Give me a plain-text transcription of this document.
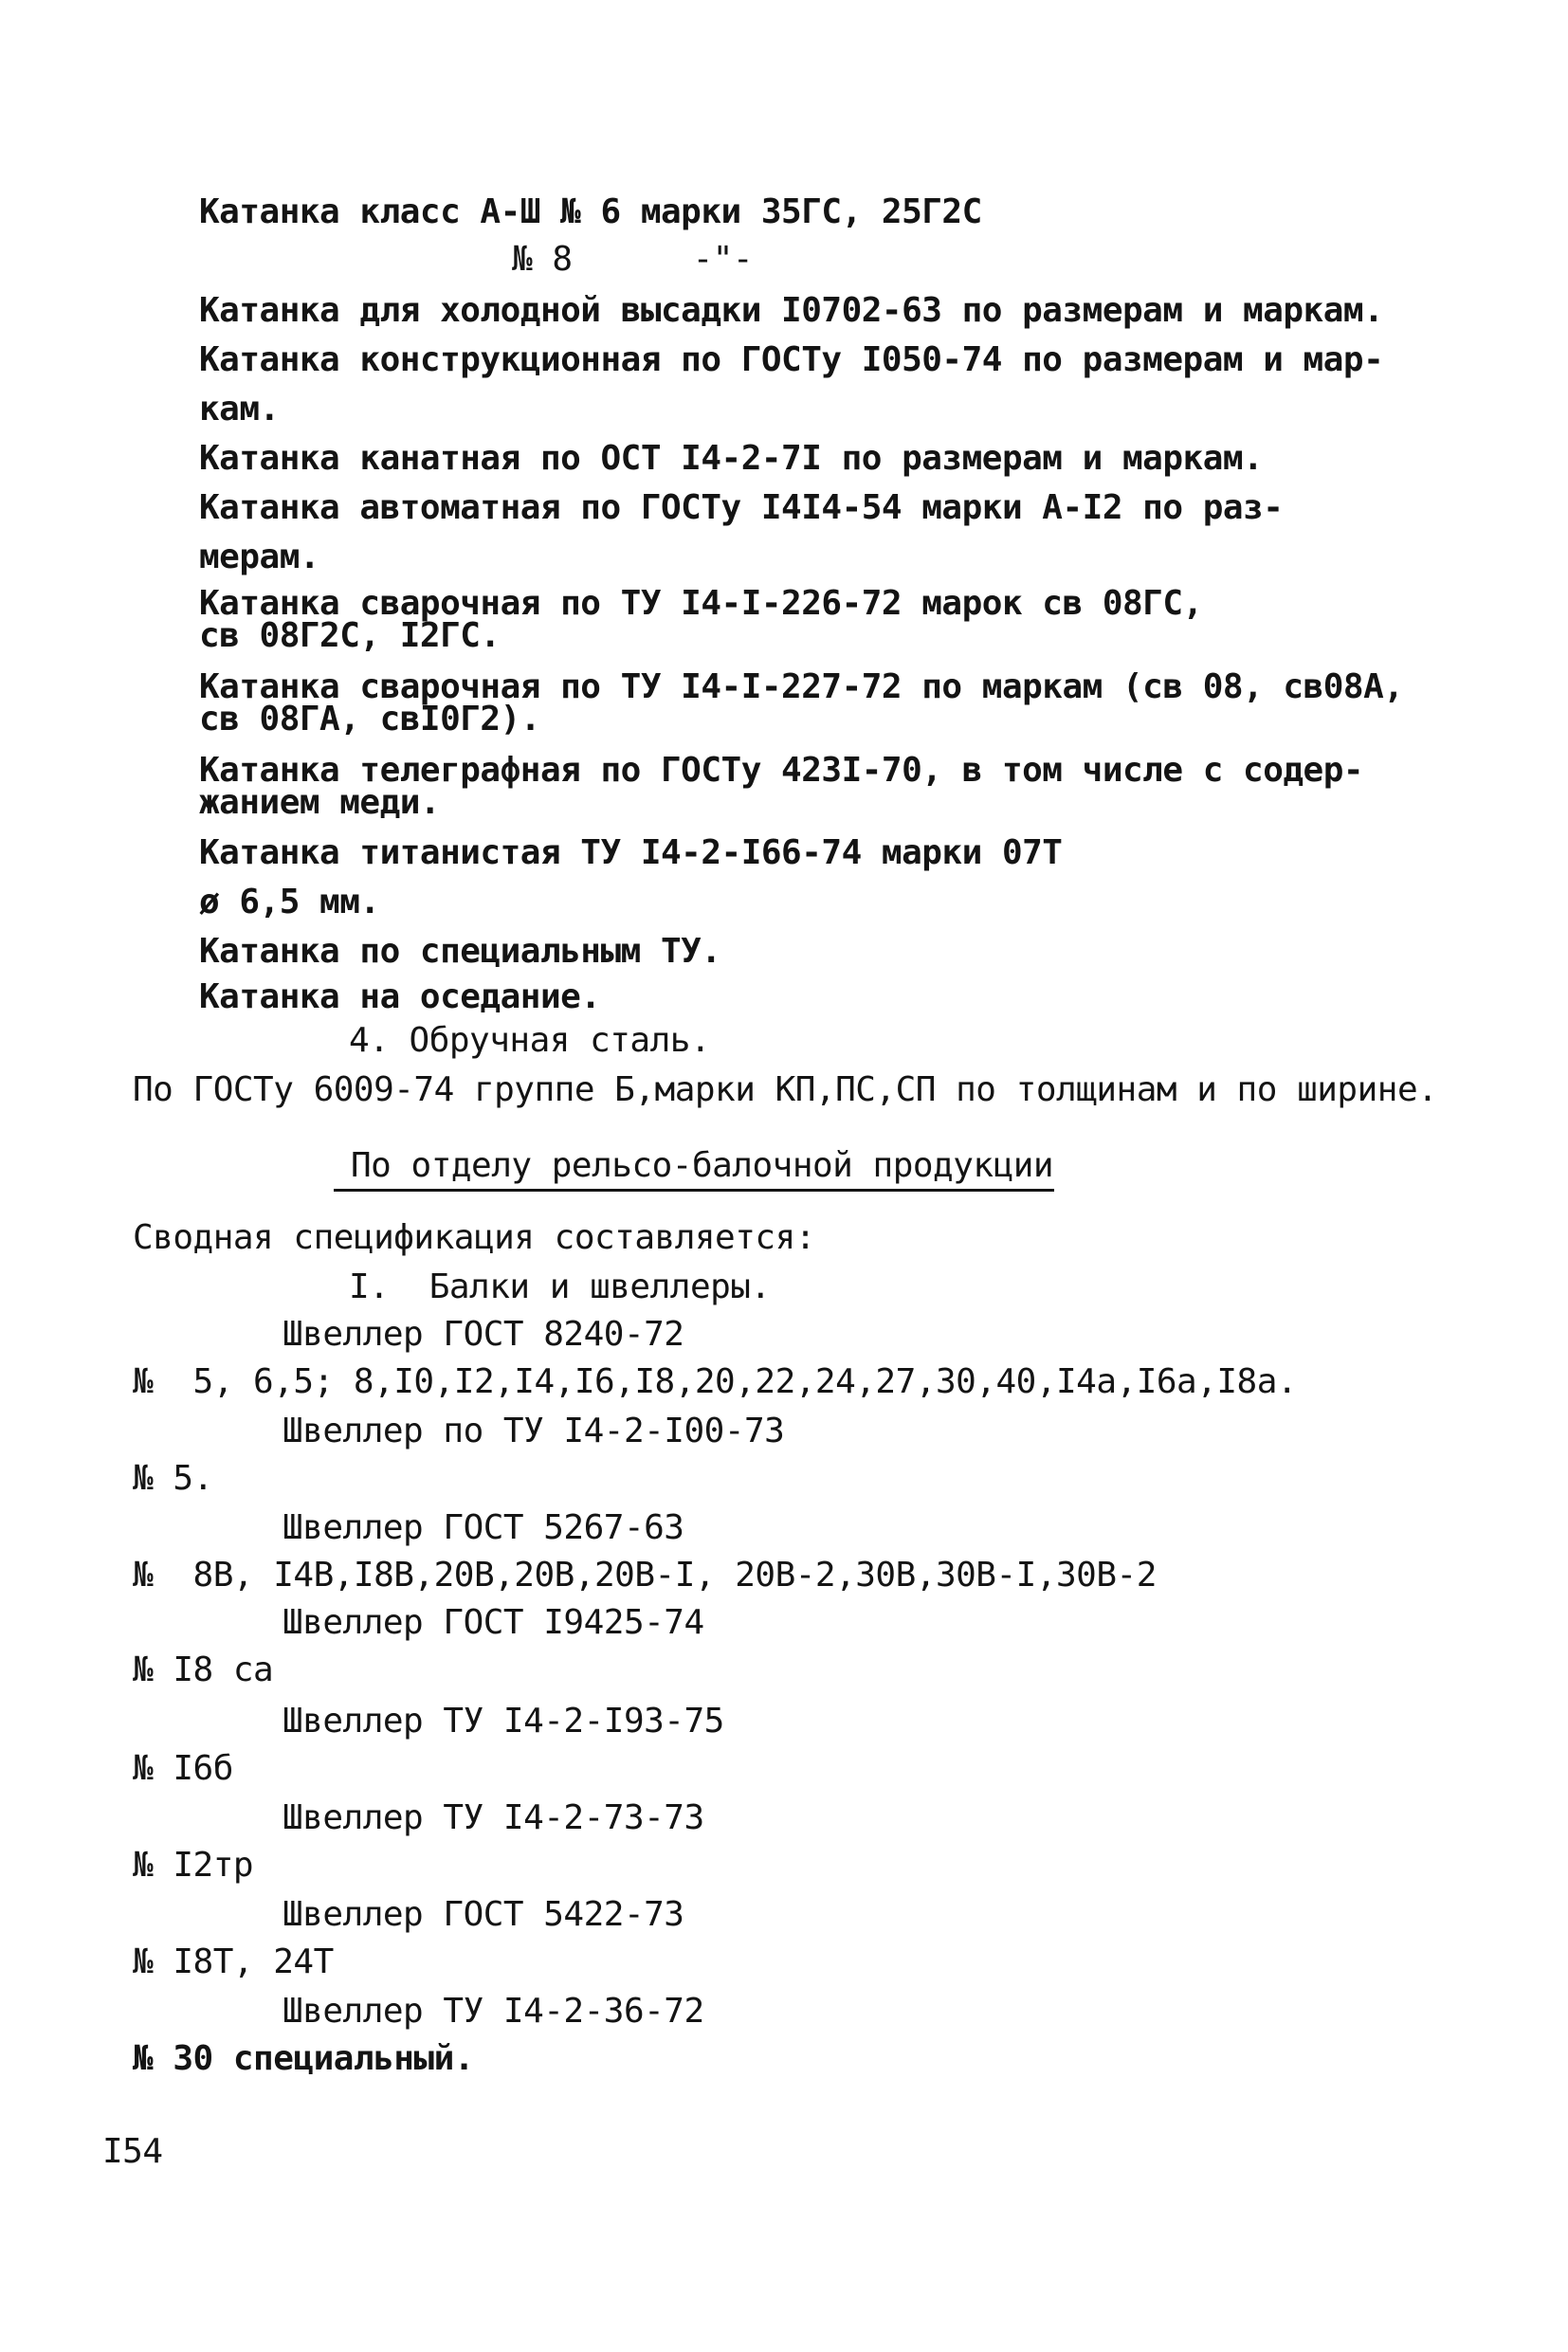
Катанка класс А-Ш № 6 марки 35ГС, 25Г2С
№ 8      -"-
Катанка для холодной высадки I0702-63 по размерам и маркам.
Катанка конструкционная по ГОСТу I050-74 по размерам и мар-
кам.
Катанка канатная по ОСТ I4-2-7I по размерам и маркам.
Катанка автоматная по ГОСТу I4I4-54 марки А-I2 по раз-
мерам.
Катанка сварочная по ТУ I4-I-226-72 марок св 08ГС,
св 08Г2С, I2ГС.
Катанка сварочная по ТУ I4-I-227-72 по маркам (св 08, св08А,
св 08ГА, свI0Г2).
Катанка телеграфная по ГОСТу 423I-70, в том числе с содер-
жанием меди.
Катанка титанистая ТУ I4-2-I66-74 марки 07Т
ø 6,5 мм.
Катанка по специальным ТУ.
Катанка на оседание.
4. Обручная сталь.
По ГОСТу 6009-74 группе Б,марки КП,ПС,СП по толщинам и по ширине.
По отделу рельсо-балочной продукции
Сводная спецификация составляется:
I.  Балки и швеллеры.
Швеллер ГОСТ 8240-72
№  5, 6,5; 8,I0,I2,I4,I6,I8,20,22,24,27,30,40,I4а,I6а,I8а.
Швеллер по ТУ I4-2-I00-73
№ 5.
Швеллер ГОСТ 5267-63
№  8В, I4В,I8В,20В,20В,20В-I, 20В-2,30В,30В-I,30В-2
Швеллер ГОСТ I9425-74
№ I8 са
Швеллер ТУ I4-2-I93-75
№ I6б
Швеллер ТУ I4-2-73-73
№ I2тр
Швеллер ГОСТ 5422-73
№ I8Т, 24Т
Швеллер ТУ I4-2-36-72
№ 30 специальный.
I54
